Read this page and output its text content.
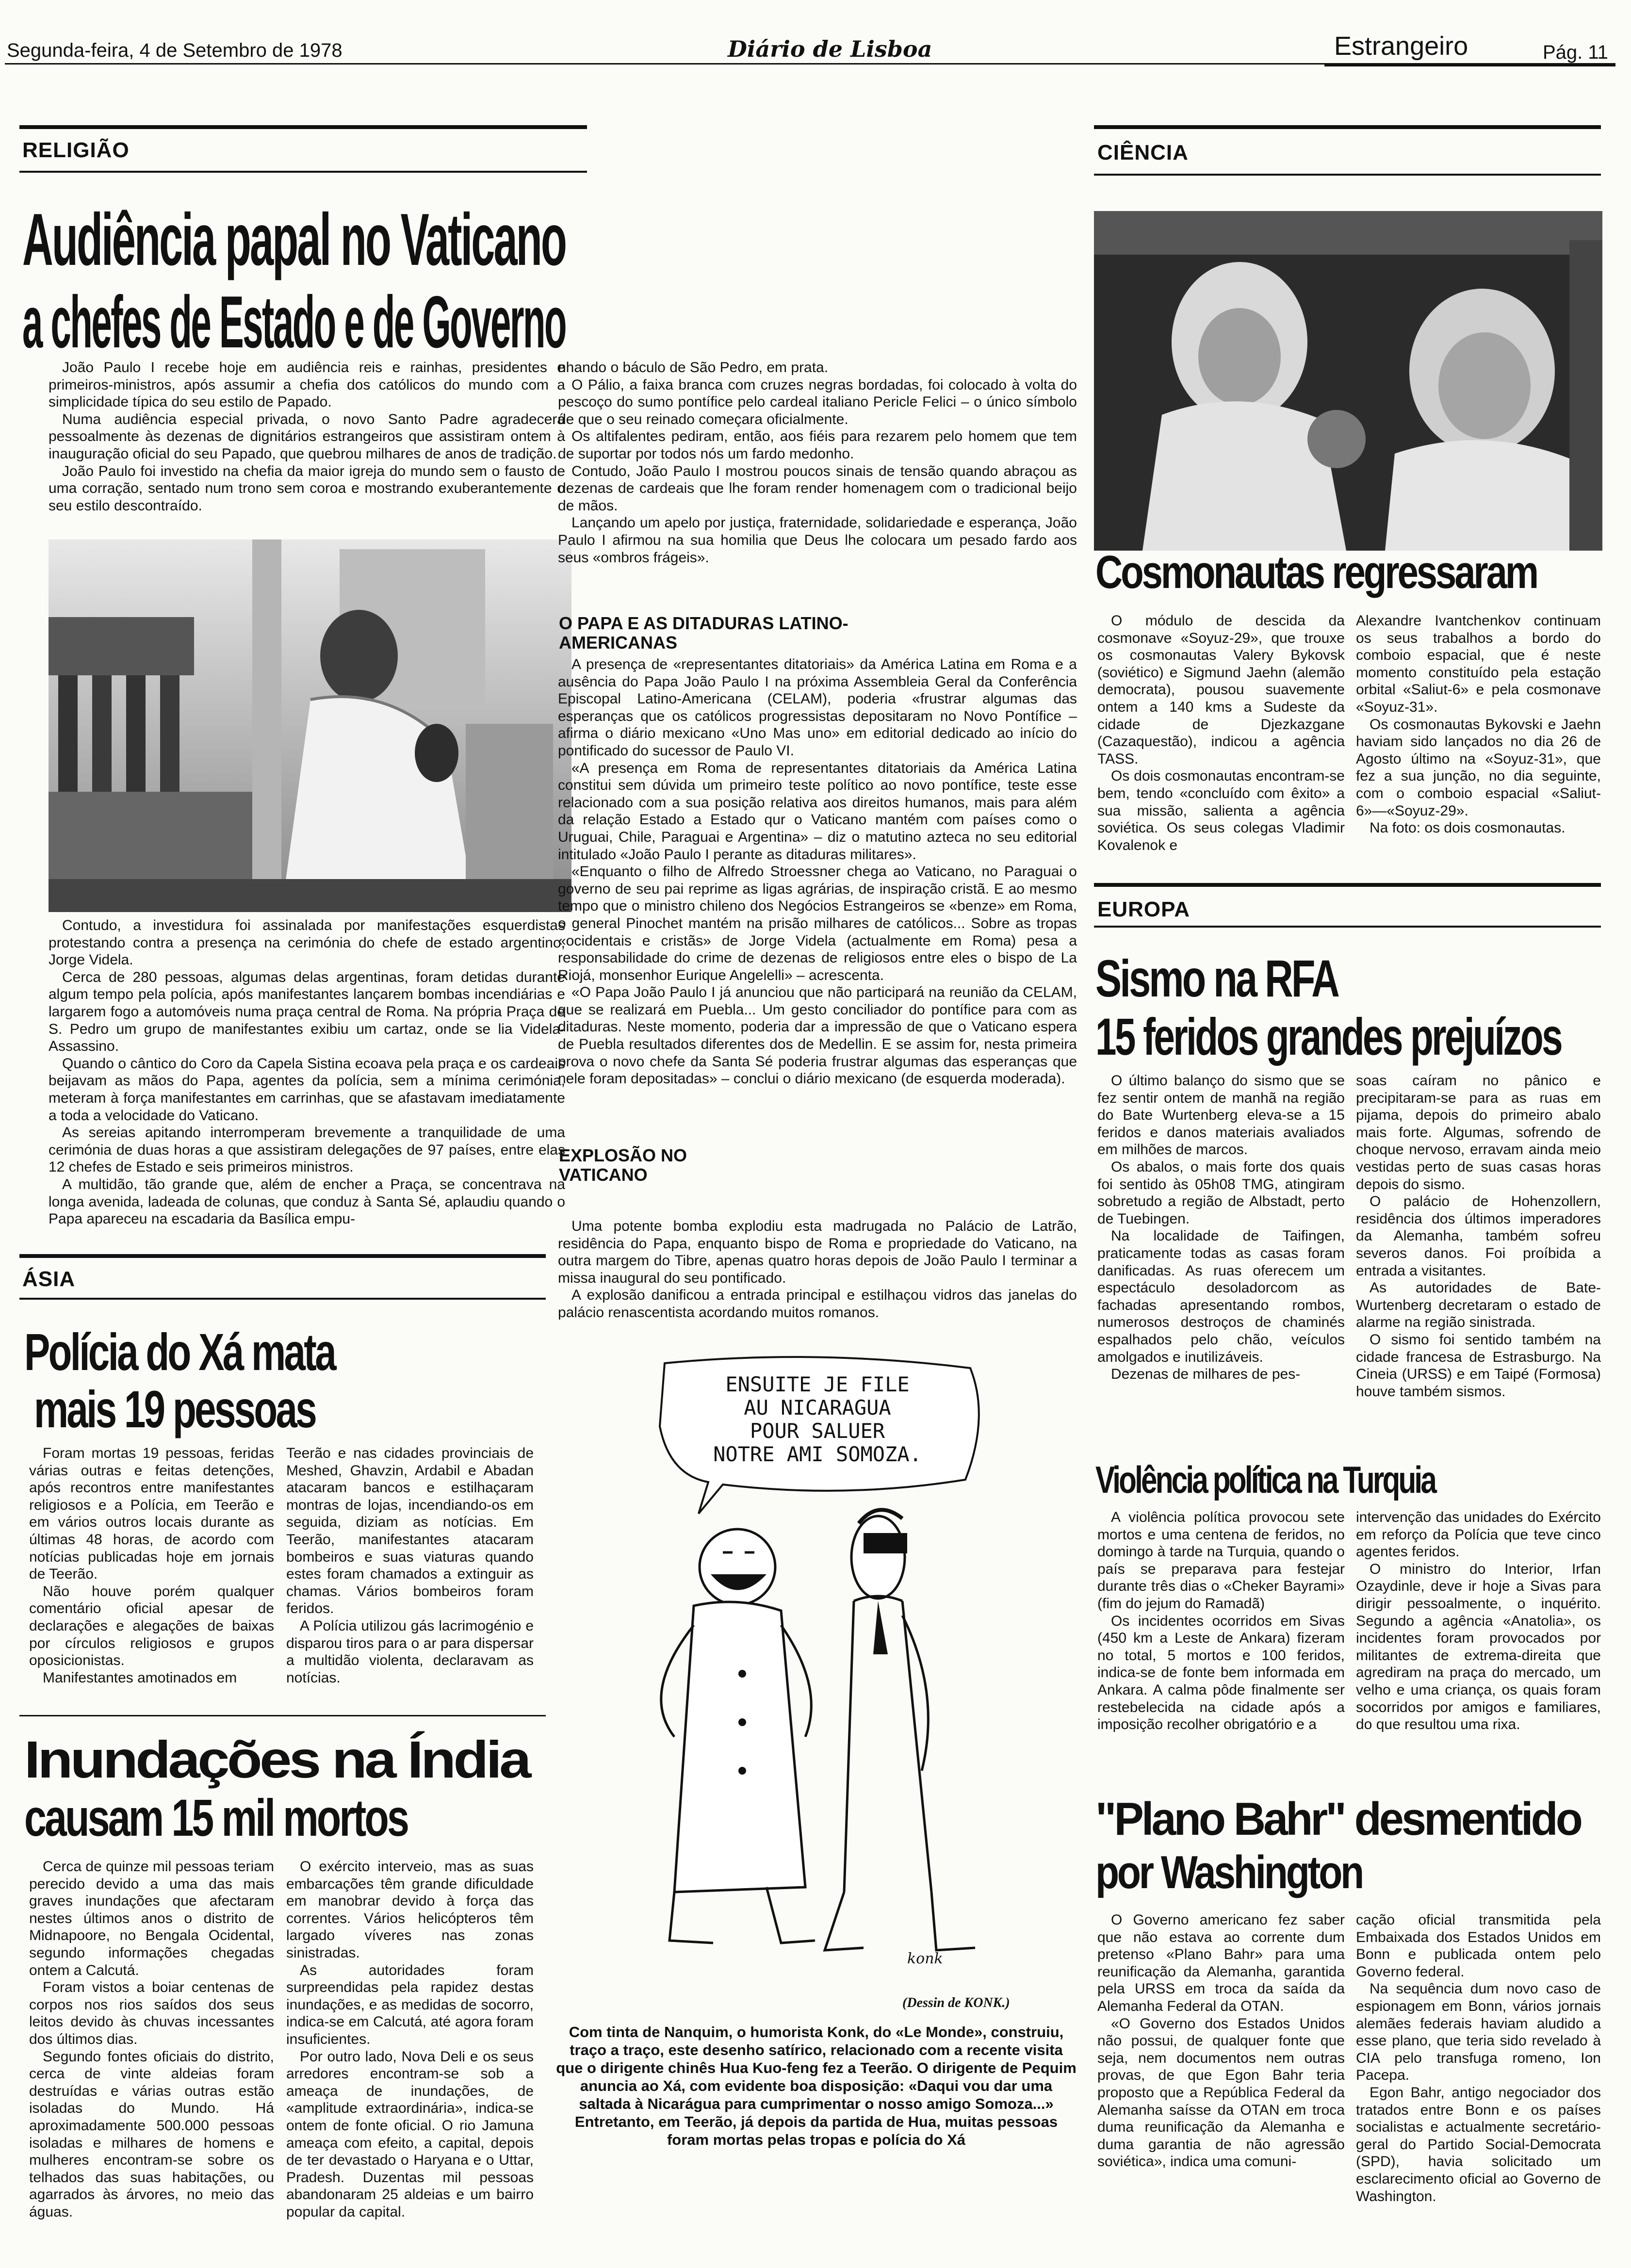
Segunda-feira, 4 de Setembro de 1978	Diário de Lisboa	Estrangeiro	Pág. 11
RELIGIÃO
Audiência papal no Vaticano
a chefes de Estado e de Governo

João Paulo I recebe hoje em audiência reis e rainhas, presidentes e primeiros-ministros, após assumir a chefia dos católicos do mundo com a simplicidade típica do seu estilo de Papado.

Numa audiência especial privada, o novo Santo Padre agradecerá pessoalmente às dezenas de dignitários estrangeiros que assistiram ontem à inauguração oficial do seu Papado, que quebrou milhares de anos de tradição.

João Paulo foi investido na chefia da maior igreja do mundo sem o fausto de uma corração, sentado num trono sem coroa e mostrando exuberantemente o seu estilo descontraído.

Contudo, a investidura foi assinalada por manifestações esquerdistas protestando contra a presença na cerimónia do chefe de estado argentino, Jorge Videla.

Cerca de 280 pessoas, algumas delas argentinas, foram detidas durante algum tempo pela polícia, após manifestantes lançarem bombas incendiárias e largarem fogo a automóveis numa praça central de Roma. Na própria Praça de S. Pedro um grupo de manifestantes exibiu um cartaz, onde se lia Videla-Assassino.

Quando o cântico do Coro da Capela Sistina ecoava pela praça e os cardeais beijavam as mãos do Papa, agentes da polícia, sem a mínima cerimónia, meteram à força manifestantes em carrinhas, que se afastavam imediatamente a toda a velocidade do Vaticano.

As sereias apitando interromperam brevemente a tranquilidade de uma cerimónia de duas horas a que assistiram delegações de 97 países, entre elas 12 chefes de Estado e seis primeiros ministros.

A multidão, tão grande que, além de encher a Praça, se concentrava na longa avenida, ladeada de colunas, que conduz à Santa Sé, aplaudiu quando o Papa apareceu na escadaria da Basílica empu-

nhando o báculo de São Pedro, em prata.

O Pálio, a faixa branca com cruzes negras bordadas, foi colocado à volta do pescoço do sumo pontífice pelo cardeal italiano Pericle Felici – o único símbolo de que o seu reinado começara oficialmente.

Os altifalentes pediram, então, aos fiéis para rezarem pelo homem que tem de suportar por todos nós um fardo medonho.

Contudo, João Paulo I mostrou poucos sinais de tensão quando abraçou as dezenas de cardeais que lhe foram render homenagem com o tradicional beijo de mãos.

Lançando um apelo por justiça, fraternidade, solidariedade e esperança, João Paulo I afirmou na sua homilia que Deus lhe colocara um pesado fardo aos seus «ombros frágeis».

O PAPA E AS DITADURAS LATINO-AMERICANAS

A presença de «representantes ditatoriais» da América Latina em Roma e a ausência do Papa João Paulo I na próxima Assembleia Geral da Conferência Episcopal Latino-Americana (CELAM), poderia «frustrar algumas das esperanças que os católicos progressistas depositaram no Novo Pontífice – afirma o diário mexicano «Uno Mas uno» em editorial dedicado ao início do pontificado do sucessor de Paulo VI.

«A presença em Roma de representantes ditatoriais da América Latina constitui sem dúvida um primeiro teste político ao novo pontífice, teste esse relacionado com a sua posição relativa aos direitos humanos, mais para além da relação Estado a Estado qur o Vaticano mantém com países como o Uruguai, Chile, Paraguai e Argentina» – diz o matutino azteca no seu editorial intitulado «João Paulo I perante as ditaduras militares».

«Enquanto o filho de Alfredo Stroessner chega ao Vaticano, no Paraguai o governo de seu pai reprime as ligas agrárias, de inspiração cristã. E ao mesmo tempo que o ministro chileno dos Negócios Estrangeiros se «benze» em Roma, o general Pinochet mantém na prisão milhares de católicos... Sobre as tropas «ocidentais e cristãs» de Jorge Videla (actualmente em Roma) pesa a responsabilidade do crime de dezenas de religiosos entre eles o bispo de La Riojá, monsenhor Eurique Angelelli» – acrescenta.

«O Papa João Paulo I já anunciou que não participará na reunião da CELAM, que se realizará em Puebla... Um gesto conciliador do pontífice para com as ditaduras. Neste momento, poderia dar a impressão de que o Vaticano espera de Puebla resultados diferentes dos de Medellin. E se assim for, nesta primeira prova o novo chefe da Santa Sé poderia frustrar algumas das esperanças que nele foram depositadas» – conclui o diário mexicano (de esquerda moderada).

EXPLOSÃO NO VATICANO

Uma potente bomba explodiu esta madrugada no Palácio de Latrão, residência do Papa, enquanto bispo de Roma e propriedade do Vaticano, na outra margem do Tibre, apenas quatro horas depois de João Paulo I terminar a missa inaugural do seu pontificado.

A explosão danificou a entrada principal e estilhaçou vidros das janelas do palácio renascentista acordando muitos romanos.

ÁSIA
Polícia do Xá mata
mais 19 pessoas

Foram mortas 19 pessoas, feridas várias outras e feitas detenções, após recontros entre manifestantes religiosos e a Polícia, em Teerão e em vários outros locais durante as últimas 48 horas, de acordo com notícias publicadas hoje em jornais de Teerão.

Não houve porém qualquer comentário oficial apesar de declarações e alegações de baixas por círculos religiosos e grupos oposicionistas.

Manifestantes amotinados em

Teerão e nas cidades provinciais de Meshed, Ghavzin, Ardabil e Abadan atacaram bancos e estilhaçaram montras de lojas, incendiando-os em seguida, diziam as notícias. Em Teerão, manifestantes atacaram bombeiros e suas viaturas quando estes foram chamados a extinguir as chamas. Vários bombeiros foram feridos.

A Polícia utilizou gás lacrimogénio e disparou tiros para o ar para dispersar a multidão violenta, declaravam as notícias.

Inundações na Índia
causam 15 mil mortos

Cerca de quinze mil pessoas teriam perecido devido a uma das mais graves inundações que afectaram nestes últimos anos o distrito de Midnapoore, no Bengala Ocidental, segundo informações chegadas ontem a Calcutá.

Foram vistos a boiar centenas de corpos nos rios saídos dos seus leitos devido às chuvas incessantes dos últimos dias.

Segundo fontes oficiais do distrito, cerca de vinte aldeias foram destruídas e várias outras estão isoladas do Mundo. Há aproximadamente 500.000 pessoas isoladas e milhares de homens e mulheres encontram-se sobre os telhados das suas habitações, ou agarrados às árvores, no meio das águas.

O exército interveio, mas as suas embarcações têm grande dificuldade em manobrar devido à força das correntes. Vários helicópteros têm largado víveres nas zonas sinistradas.

As autoridades foram surpreendidas pela rapidez destas inundações, e as medidas de socorro, indica-se em Calcutá, até agora foram insuficientes.

Por outro lado, Nova Deli e os seus arredores encontram-se sob a ameaça de inundações, de «amplitude extraordinária», indica-se ontem de fonte oficial. O rio Jamuna ameaça com efeito, a capital, depois de ter devastado o Haryana e o Uttar, Pradesh. Duzentas mil pessoas abandonaram 25 aldeias e um bairro popular da capital.

ENSUITE JE FILE
AU NICARAGUA
POUR SALUER
NOTRE AMI SOMOZA.
konk
(Dessin de KONK.)
Com tinta de Nanquim, o humorista Konk, do «Le Monde», construiu, traço a traço, este desenho satírico, relacionado com a recente visita que o dirigente chinês Hua Kuo-feng fez a Teerão. O dirigente de Pequim anuncia ao Xá, com evidente boa disposição: «Daqui vou dar uma saltada à Nicarágua para cumprimentar o nosso amigo Somoza...» Entretanto, em Teerão, já depois da partida de Hua, muitas pessoas foram mortas pelas tropas e polícia do Xá
CIÊNCIA
Cosmonautas regressaram

O módulo de descida da cosmonave «Soyuz-29», que trouxe os cosmonautas Valery Bykovsk (soviético) e Sigmund Jaehn (alemão democrata), pousou suavemente ontem a 140 kms a Sudeste da cidade de Djezkazgane (Cazaquestão), indicou a agência TASS.

Os dois cosmonautas encontram-se bem, tendo «concluído com êxito» a sua missão, salienta a agência soviética. Os seus colegas Vladimir Kovalenok e

Alexandre Ivantchenkov continuam os seus trabalhos a bordo do comboio espacial, que é neste momento constituído pela estação orbital «Saliut-6» e pela cosmonave «Soyuz-31».

Os cosmonautas Bykovski e Jaehn haviam sido lançados no dia 26 de Agosto último na «Soyuz-31», que fez a sua junção, no dia seguinte, com o comboio espacial «Saliut-6»—«Soyuz-29».

Na foto: os dois cosmonautas.

EUROPA
Sismo na RFA
15 feridos grandes prejuízos

O último balanço do sismo que se fez sentir ontem de manhã na região do Bate Wurtenberg eleva-se a 15 feridos e danos materiais avaliados em milhões de marcos.

Os abalos, o mais forte dos quais foi sentido às 05h08 TMG, atingiram sobretudo a região de Albstadt, perto de Tuebingen.

Na localidade de Taifingen, praticamente todas as casas foram danificadas. As ruas oferecem um espectáculo desoladorcom as fachadas apresentando rombos, numerosos destroços de chaminés espalhados pelo chão, veículos amolgados e inutilizáveis.

Dezenas de milhares de pes-

soas caíram no pânico e precipitaram-se para as ruas em pijama, depois do primeiro abalo mais forte. Algumas, sofrendo de choque nervoso, erravam ainda meio vestidas perto de suas casas horas depois do sismo.

O palácio de Hohenzollern, residência dos últimos imperadores da Alemanha, também sofreu severos danos. Foi proíbida a entrada a visitantes.

As autoridades de Bate-Wurtenberg decretaram o estado de alarme na região sinistrada.

O sismo foi sentido também na cidade francesa de Estrasburgo. Na Cineia (URSS) e em Taipé (Formosa) houve também sismos.

Violência política na Turquia

A violência política provocou sete mortos e uma centena de feridos, no domingo à tarde na Turquia, quando o país se preparava para festejar durante três dias o «Cheker Bayrami» (fim do jejum do Ramadã)

Os incidentes ocorridos em Sivas (450 km a Leste de Ankara) fizeram no total, 5 mortos e 100 feridos, indica-se de fonte bem informada em Ankara. A calma pôde finalmente ser restebelecida na cidade após a imposição recolher obrigatório e a

intervenção das unidades do Exército em reforço da Polícia que teve cinco agentes feridos.

O ministro do Interior, Irfan Ozaydinle, deve ir hoje a Sivas para dirigir pessoalmente, o inquérito. Segundo a agência «Anatolia», os incidentes foram provocados por militantes de extrema-direita que agrediram na praça do mercado, um velho e uma criança, os quais foram socorridos por amigos e familiares, do que resultou uma rixa.

"Plano Bahr" desmentido
por Washington

O Governo americano fez saber que não estava ao corrente dum pretenso «Plano Bahr» para uma reunificação da Alemanha, garantida pela URSS em troca da saída da Alemanha Federal da OTAN.

«O Governo dos Estados Unidos não possui, de qualquer fonte que seja, nem documentos nem outras provas, de que Egon Bahr teria proposto que a República Federal da Alemanha saísse da OTAN em troca duma reunificação da Alemanha e duma garantia de não agressão soviética», indica uma comuni-

cação oficial transmitida pela Embaixada dos Estados Unidos em Bonn e publicada ontem pelo Governo federal.

Na sequência dum novo caso de espionagem em Bonn, vários jornais alemães federais haviam aludido a esse plano, que teria sido revelado à CIA pelo transfuga romeno, Ion Pacepa.

Egon Bahr, antigo negociador dos tratados entre Bonn e os países socialistas e actualmente secretário-geral do Partido Social-Democrata (SPD), havia solicitado um esclarecimento oficial ao Governo de Washington.
